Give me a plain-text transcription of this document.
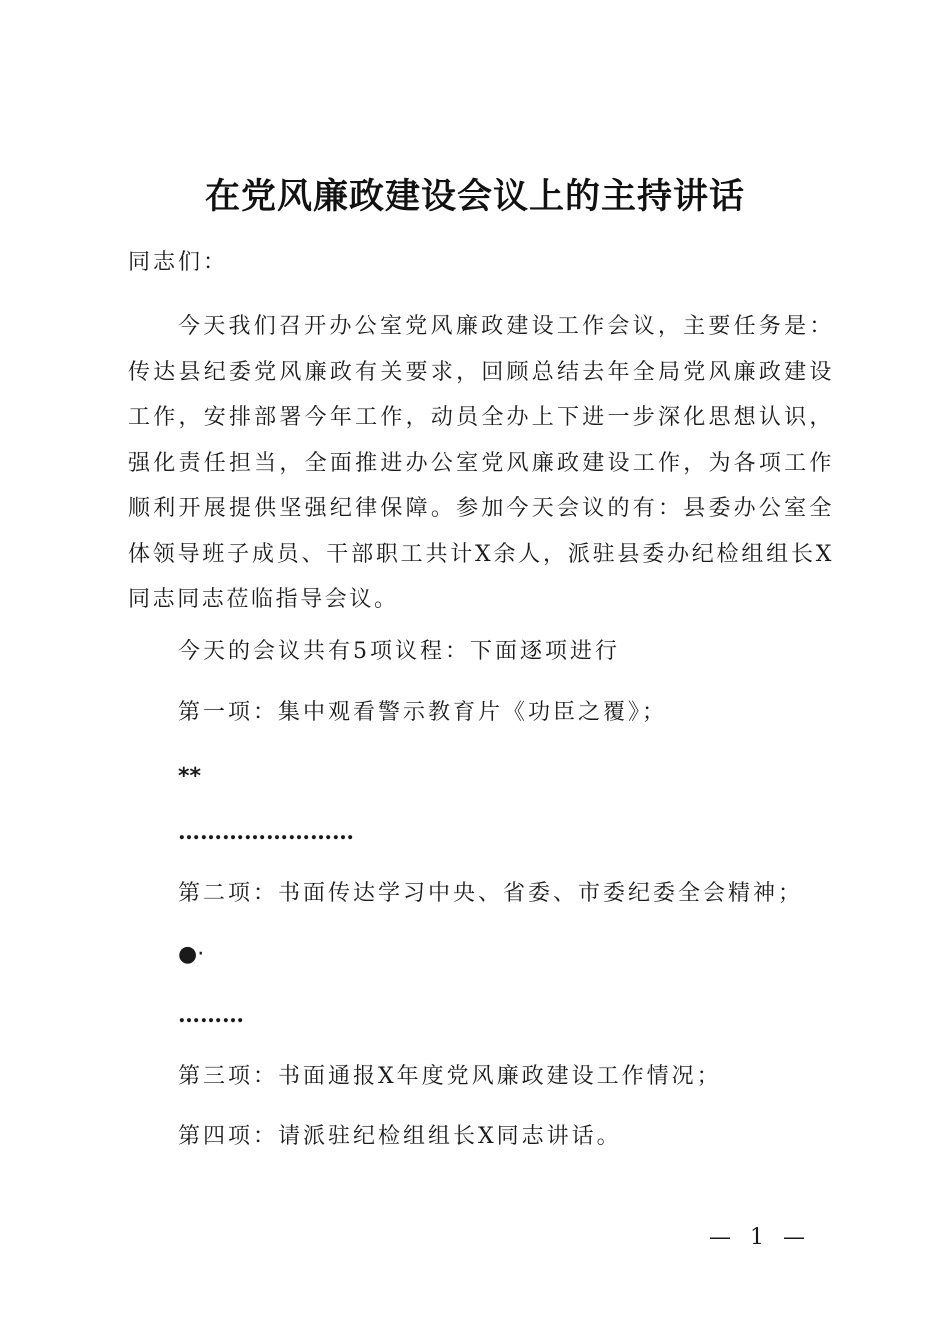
在党风廉政建设会议上的主持讲话
同志们：
今天我们召开办公室党风廉政建设工作会议，主要任务是：传达县纪委党风廉政有关要求，回顾总结去年全局党风廉政建设工作，安排部署今年工作，动员全办上下进一步深化思想认识，强化责任担当，全面推进办公室党风廉政建设工作，为各项工作顺利开展提供坚强纪律保障。参加今天会议的有：县委办公室全体领导班子成员、干部职工共计X余人，派驻县委办纪检组组长X同志同志莅临指导会议。
今天的会议共有5项议程：下面逐项进行
第一项：集中观看警示教育片《功臣之覆》；
**
……………………
第二项：书面传达学习中央、省委、市委纪委全会精神；
●·
………
第三项：书面通报X年度党风廉政建设工作情况；
第四项：请派驻纪检组组长X同志讲话。
— 1 —
